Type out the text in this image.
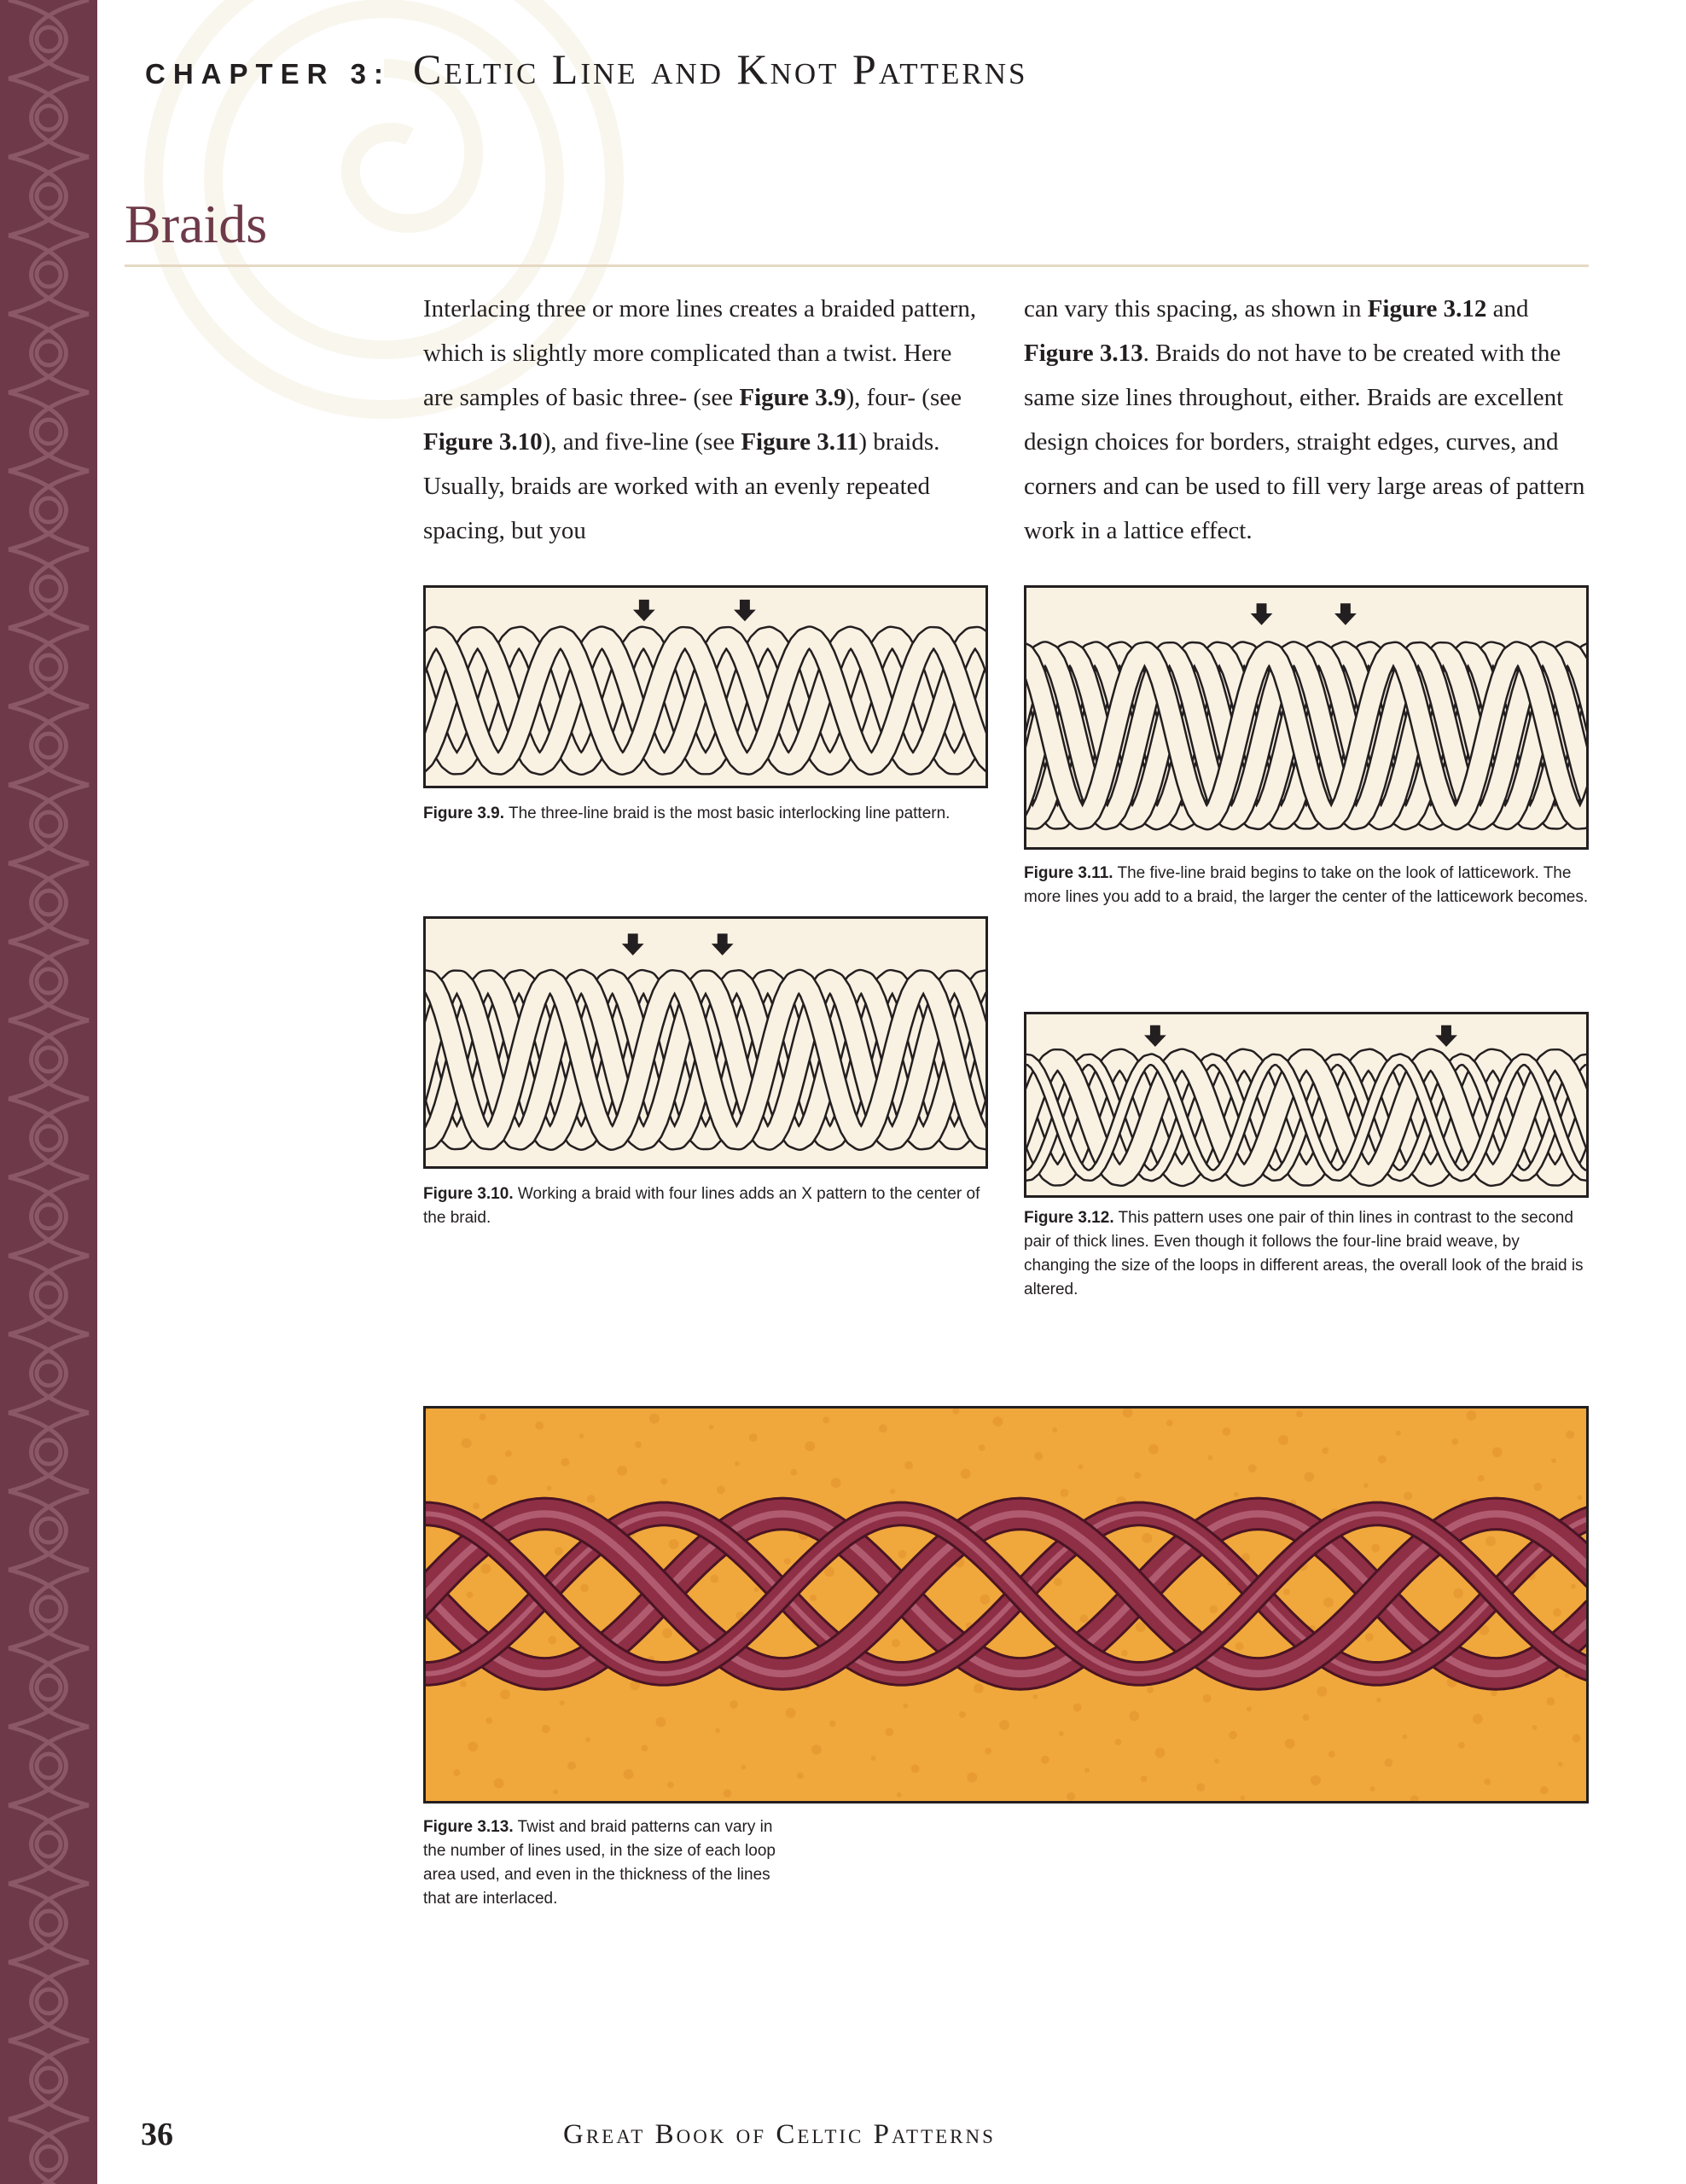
CHAPTER 3: Celtic Line and Knot Patterns
Braids
Interlacing three or more lines creates a braided pattern, which is slightly more complicated than a twist. Here are samples of basic three- (see Figure 3.9), four- (see Figure 3.10), and five-line (see Figure 3.11) braids. Usually, braids are worked with an evenly repeated spacing, but you
can vary this spacing, as shown in Figure 3.12 and Figure 3.13. Braids do not have to be created with the same size lines throughout, either. Braids are excellent design choices for borders, straight edges, curves, and corners and can be used to fill very large areas of pattern work in a lattice effect.
Figure 3.9. The three-line braid is the most basic interlocking line pattern.
Figure 3.11. The five-line braid begins to take on the look of latticework. The more lines you add to a braid, the larger the center of the latticework becomes.
Figure 3.10. Working a braid with four lines adds an X pattern to the center of the braid.	Figure 3.12. This pattern uses one pair of thin lines in contrast to the second pair of thick lines. Even though it follows the four-line braid weave, by changing the size of the loops in different areas, the overall look of the braid is altered.
Figure 3.13. Twist and braid patterns can vary in the number of lines used, in the size of each loop area used, and even in the thickness of the lines that are interlaced.
36	Great Book of Celtic Patterns
